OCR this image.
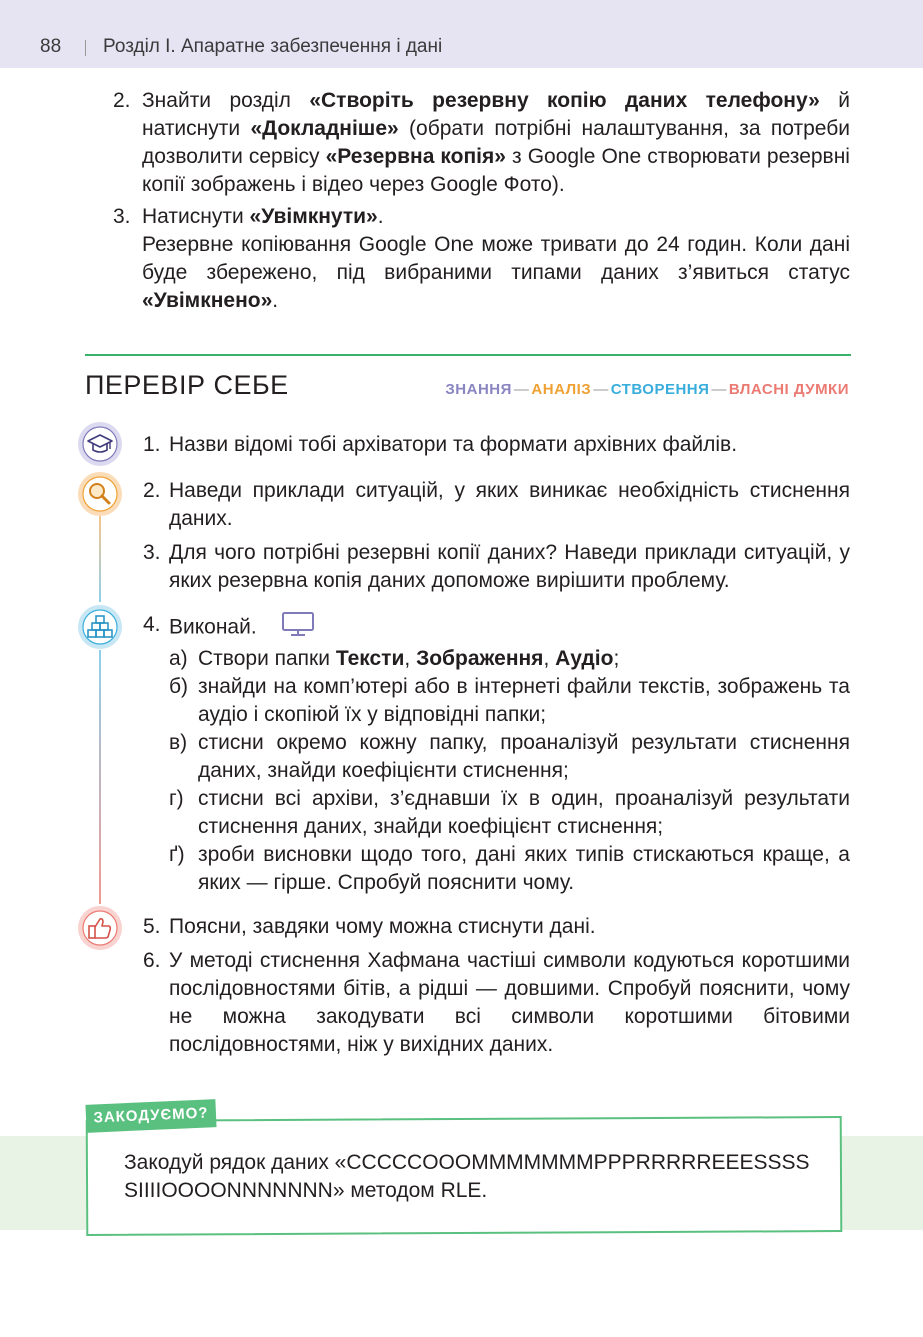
88 Розділ І. Апаратне забезпечення і дані
2. Знайти розділ «Створіть резервну копію даних телефону» й натиснути «Докладніше» (обрати потрібні налаштування, за потреби дозволити сервісу «Резервна копія» з Google One створювати резервні копії зображень і відео через Google Фото).
3. Натиснути «Увімкнути».
Резервне копіювання Google One може тривати до 24 годин. Коли дані буде збережено, під вибраними типами даних з’явиться статус «Увімкнено».
ПЕРЕВІР СЕБЕ	ЗНАННЯ — АНАЛІЗ — СТВОРЕННЯ — ВЛАСНІ ДУМКИ
1. Назви відомі тобі архіватори та формати архівних файлів.
2. Наведи приклади ситуацій, у яких виникає необхідність стиснення даних.
3. Для чого потрібні резервні копії даних? Наведи приклади ситуацій, у яких резервна копія даних допоможе вирішити проблему.
4. Виконай.
а) Створи папки Тексти, Зображення, Аудіо;
б) знайди на комп’ютері або в інтернеті файли текстів, зображень та аудіо і скопіюй їх у відповідні папки;
в) стисни окремо кожну папку, проаналізуй результати стиснення даних, знайди коефіцієнти стиснення;
г) стисни всі архіви, з’єднавши їх в один, проаналізуй результати стиснення даних, знайди коефіцієнт стиснення;
ґ) зроби висновки щодо того, дані яких типів стискаються краще, а яких — гірше. Спробуй пояснити чому.
5. Поясни, завдяки чому можна стиснути дані.
6. У методі стиснення Хафмана частіші символи кодуються коротшими послідовностями бітів, а рідші — довшими. Спробуй пояснити, чому не можна закодувати всі символи коротшими бітовими послідовностями, ніж у вихідних даних.
ЗАКОДУЄМО?
Закодуй рядок даних «CCCCCOOOMMMMMMMPPPRRRRREEESSSS
SIIIIOOOONNNNNNN» методом RLE.
